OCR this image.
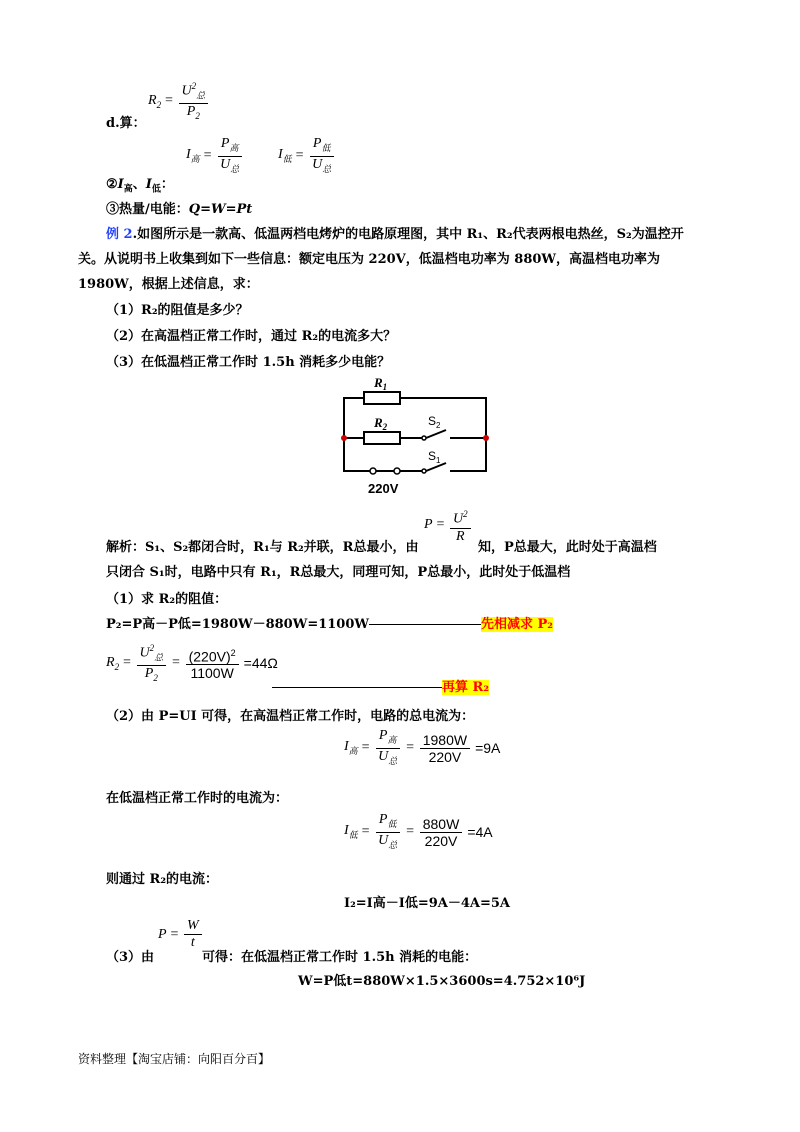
$R_2 = \frac{U^2_总}{P_2}$
d.算：
$I_高 = \frac{P_高}{U_总}$	$I_低 = \frac{P_低}{U_总}$
$②I_高$、$I_低$：
③热量/电能：Q=W=Pt
例 2.如图所示是一款高、低温两档电烤炉的电路原理图，其中 R₁、R₂代表两根电热丝，S₂为温控开
关。从说明书上收集到如下一些信息：额定电压为 220V，低温档电功率为 880W，高温档电功率为
1980W，根据上述信息，求：
（1）R₂的阻值是多少？
（2）在高温档正常工作时，通过 R₂的电流多大？
（3）在低温档正常工作时 1.5h 消耗多少电能？
$R_1$
$R_2$	$S_2$
$S_1$
220V
$P = \frac{U^2}{R}$
解析：S₁、S₂都闭合时，R₁与 R₂并联，R总最小，由	知，P总最大，此时处于高温档
只闭合 S₁时，电路中只有 R₁，R总最大，同理可知，P总最小，此时处于低温档
（1）求 R₂的阻值：
P₂=P高－P低=1980W－880W=1100W	先相减求 P₂
$R_2 = \frac{U^2_总}{P_2} = \frac{(220V)^2}{1100W} =44\Omega$
再算 R₂
（2）由 P=UI 可得，在高温档正常工作时，电路的总电流为：
$I_高 = \frac{P_高}{U_总} = \frac{1980W}{220V} =9A$
在低温档正常工作时的电流为：
$I_低 = \frac{P_低}{U_总} = \frac{880W}{220V} =4A$
则通过 R₂的电流：
I₂=I高－I低=9A－4A=5A
（3）由
$P = \frac{W}{t}$
可得：在低温档正常工作时 1.5h 消耗的电能：
W=P低t=880W×1.5×3600s=4.752×10⁶J
资料整理【淘宝店铺：向阳百分百】
